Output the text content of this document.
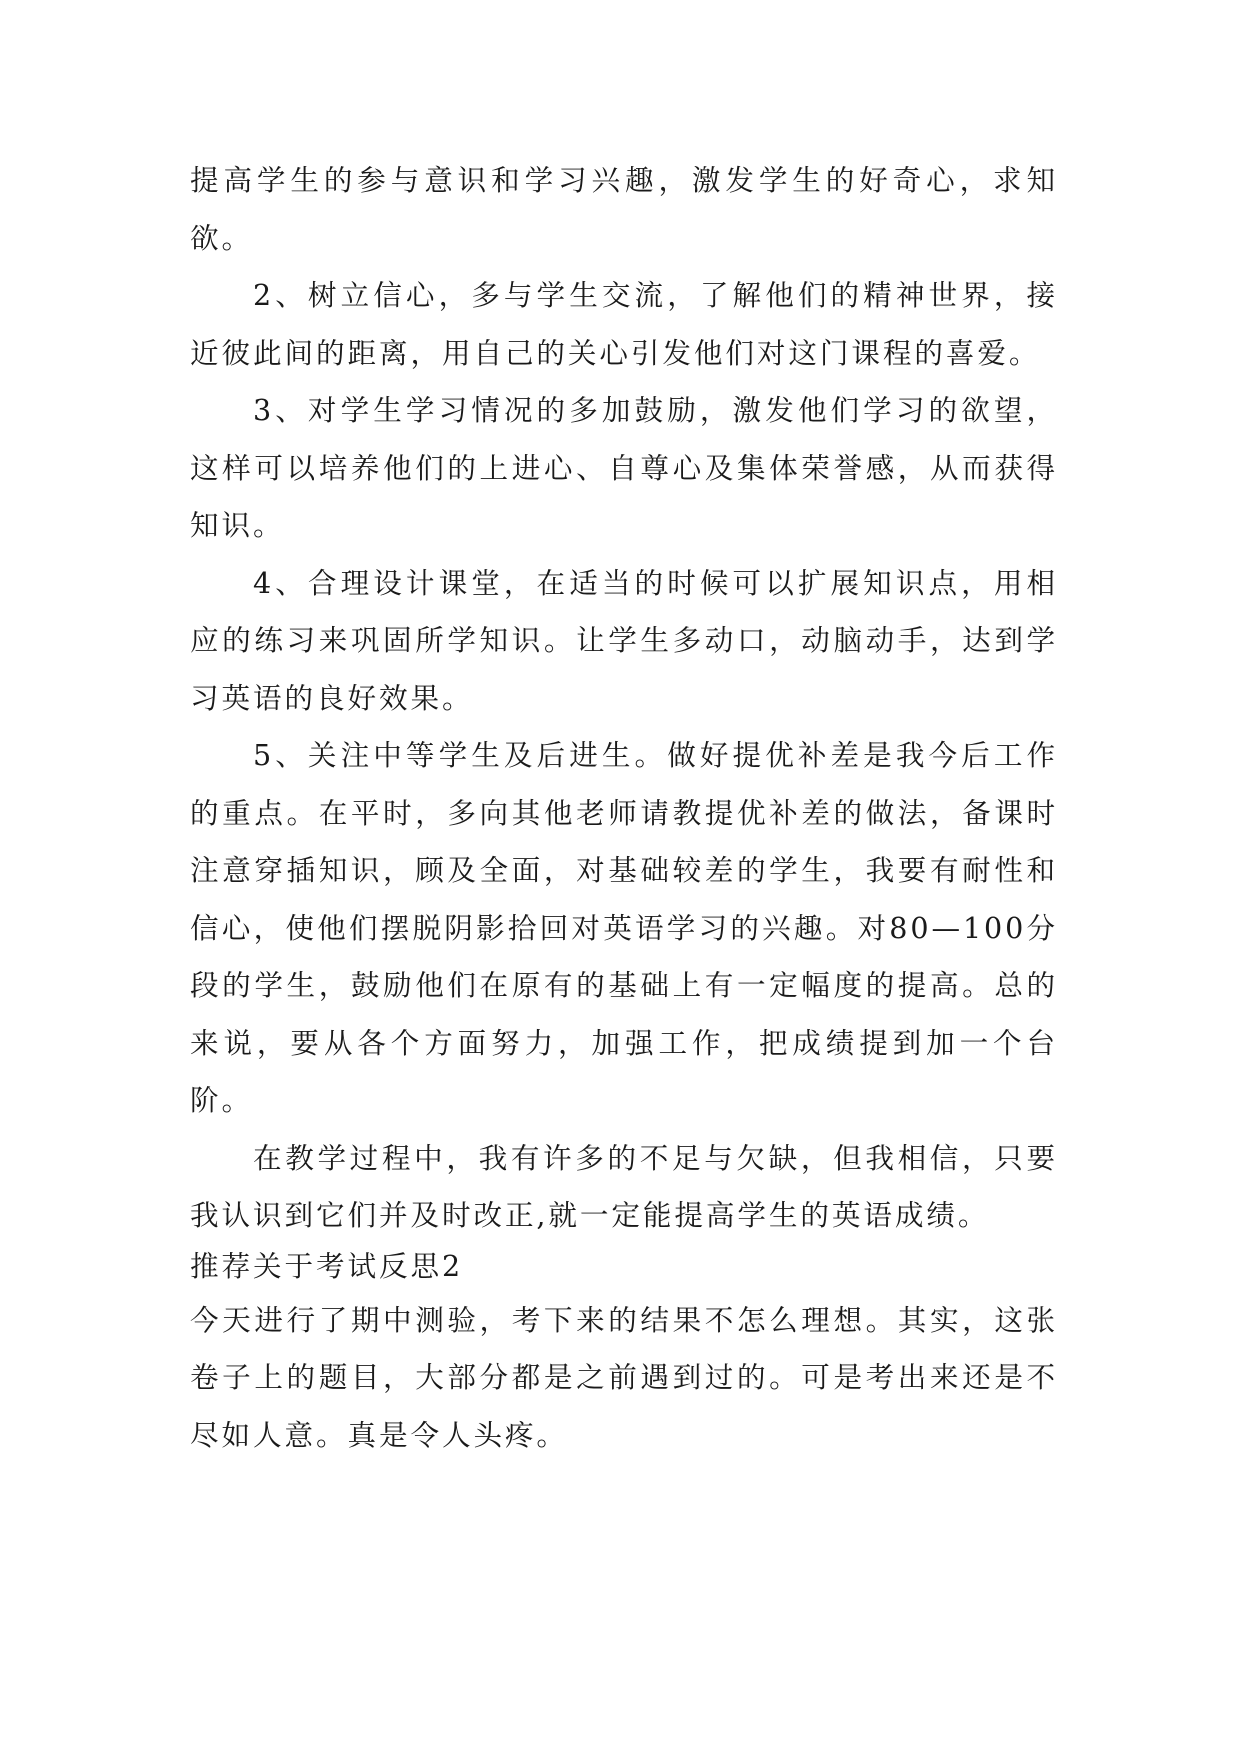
提高学生的参与意识和学习兴趣，激发学生的好奇心，求知欲。

2、树立信心，多与学生交流，了解他们的精神世界，接近彼此间的距离，用自己的关心引发他们对这门课程的喜爱。

3、对学生学习情况的多加鼓励，激发他们学习的欲望，这样可以培养他们的上进心、自尊心及集体荣誉感，从而获得知识。

4、合理设计课堂，在适当的时候可以扩展知识点，用相应的练习来巩固所学知识。让学生多动口，动脑动手，达到学习英语的良好效果。

5、关注中等学生及后进生。做好提优补差是我今后工作的重点。在平时，多向其他老师请教提优补差的做法，备课时注意穿插知识，顾及全面，对基础较差的学生，我要有耐性和信心，使他们摆脱阴影拾回对英语学习的兴趣。对80—100分段的学生，鼓励他们在原有的基础上有一定幅度的提高。总的来说，要从各个方面努力，加强工作，把成绩提到加一个台阶。

在教学过程中，我有许多的不足与欠缺，但我相信，只要我认识到它们并及时改正,就一定能提高学生的英语成绩。

推荐关于考试反思2

今天进行了期中测验，考下来的结果不怎么理想。其实，这张卷子上的题目，大部分都是之前遇到过的。可是考出来还是不尽如人意。真是令人头疼。
